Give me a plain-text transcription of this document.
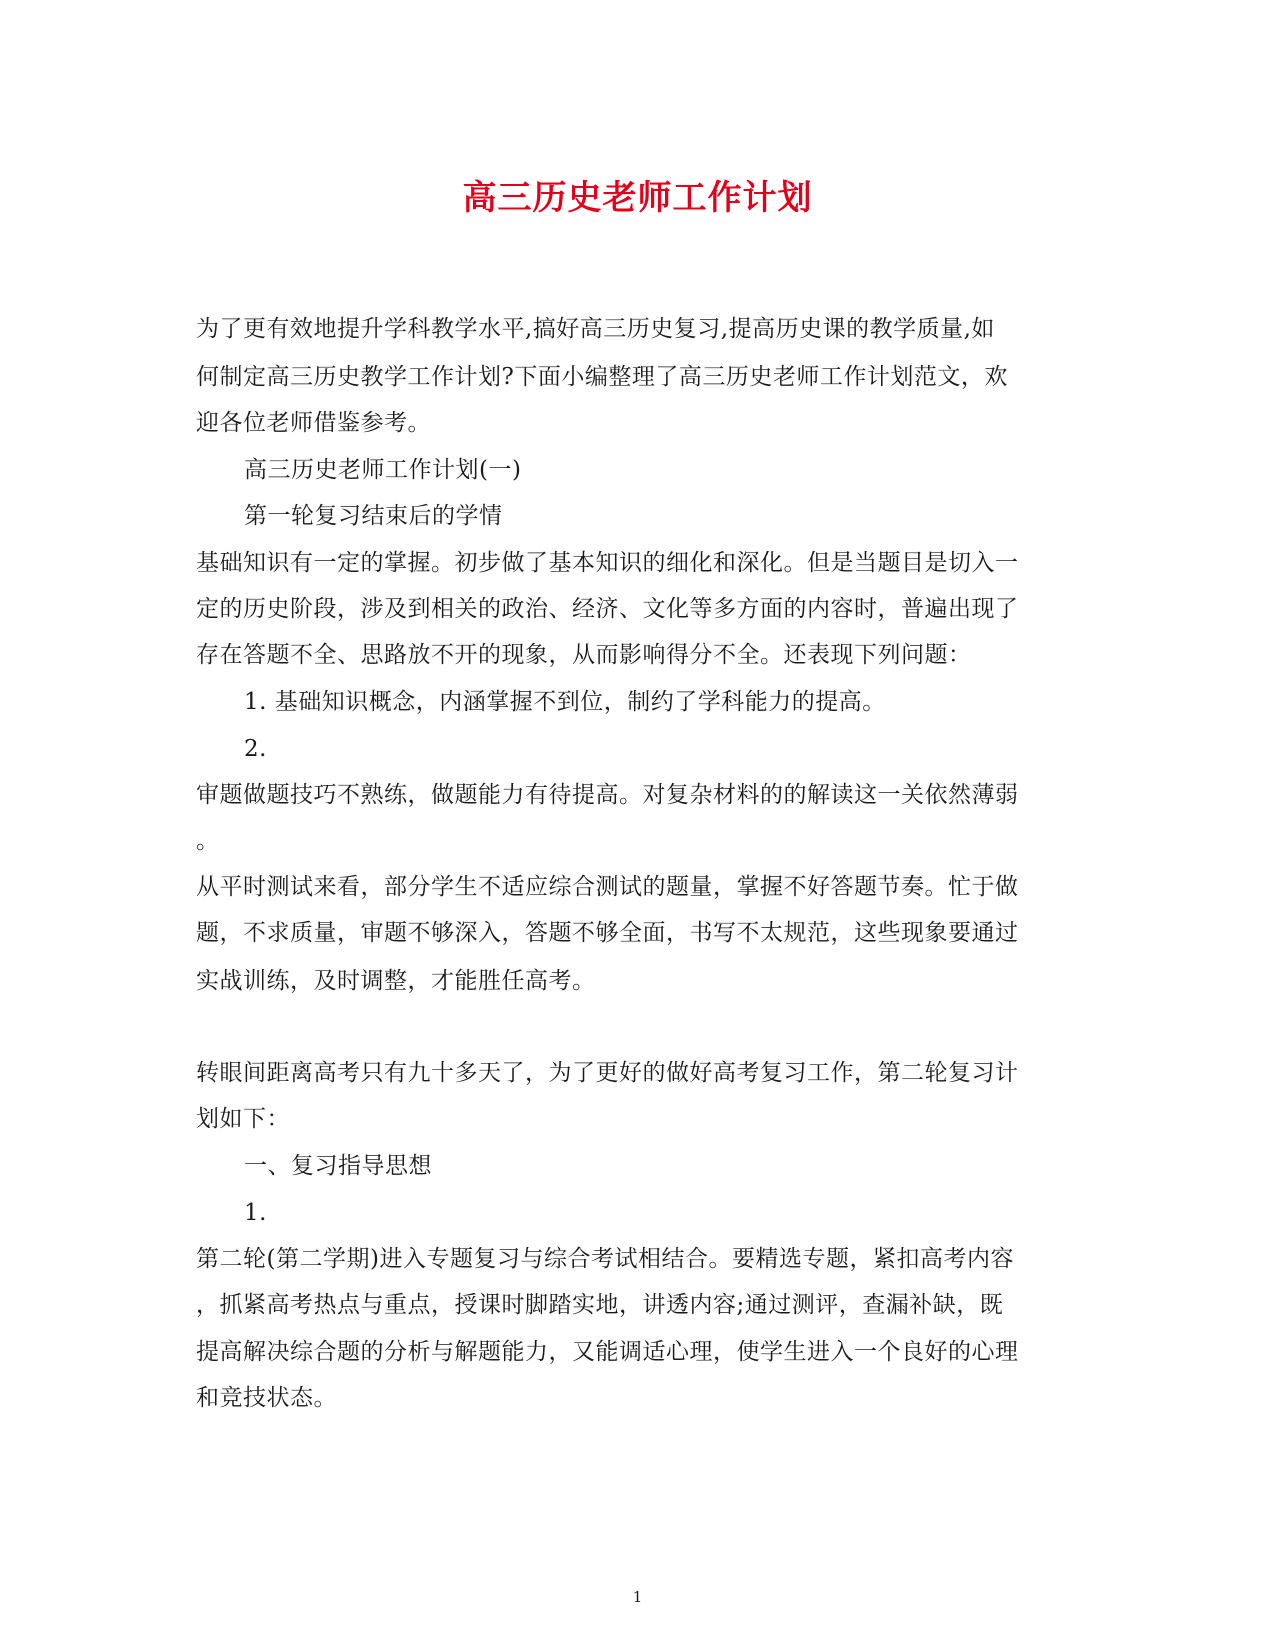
高三历史老师工作计划
为了更有效地提升学科教学水平,搞好高三历史复习,提高历史课的教学质量,如
何制定高三历史教学工作计划?下面小编整理了高三历史老师工作计划范文，欢
迎各位老师借鉴参考。
高三历史老师工作计划(一)
第一轮复习结束后的学情
基础知识有一定的掌握。初步做了基本知识的细化和深化。但是当题目是切入一
定的历史阶段，涉及到相关的政治、经济、文化等多方面的内容时，普遍出现了
存在答题不全、思路放不开的现象，从而影响得分不全。还表现下列问题：
1. 基础知识概念，内涵掌握不到位，制约了学科能力的提高。
2.
审题做题技巧不熟练，做题能力有待提高。对复杂材料的的解读这一关依然薄弱
。
从平时测试来看，部分学生不适应综合测试的题量，掌握不好答题节奏。忙于做
题，不求质量，审题不够深入，答题不够全面，书写不太规范，这些现象要通过
实战训练，及时调整，才能胜任高考。
转眼间距离高考只有九十多天了，为了更好的做好高考复习工作，第二轮复习计
划如下：
一、复习指导思想
1.
第二轮(第二学期)进入专题复习与综合考试相结合。要精选专题，紧扣高考内容
，抓紧高考热点与重点，授课时脚踏实地，讲透内容;通过测评，查漏补缺，既
提高解决综合题的分析与解题能力，又能调适心理，使学生进入一个良好的心理
和竞技状态。
1
